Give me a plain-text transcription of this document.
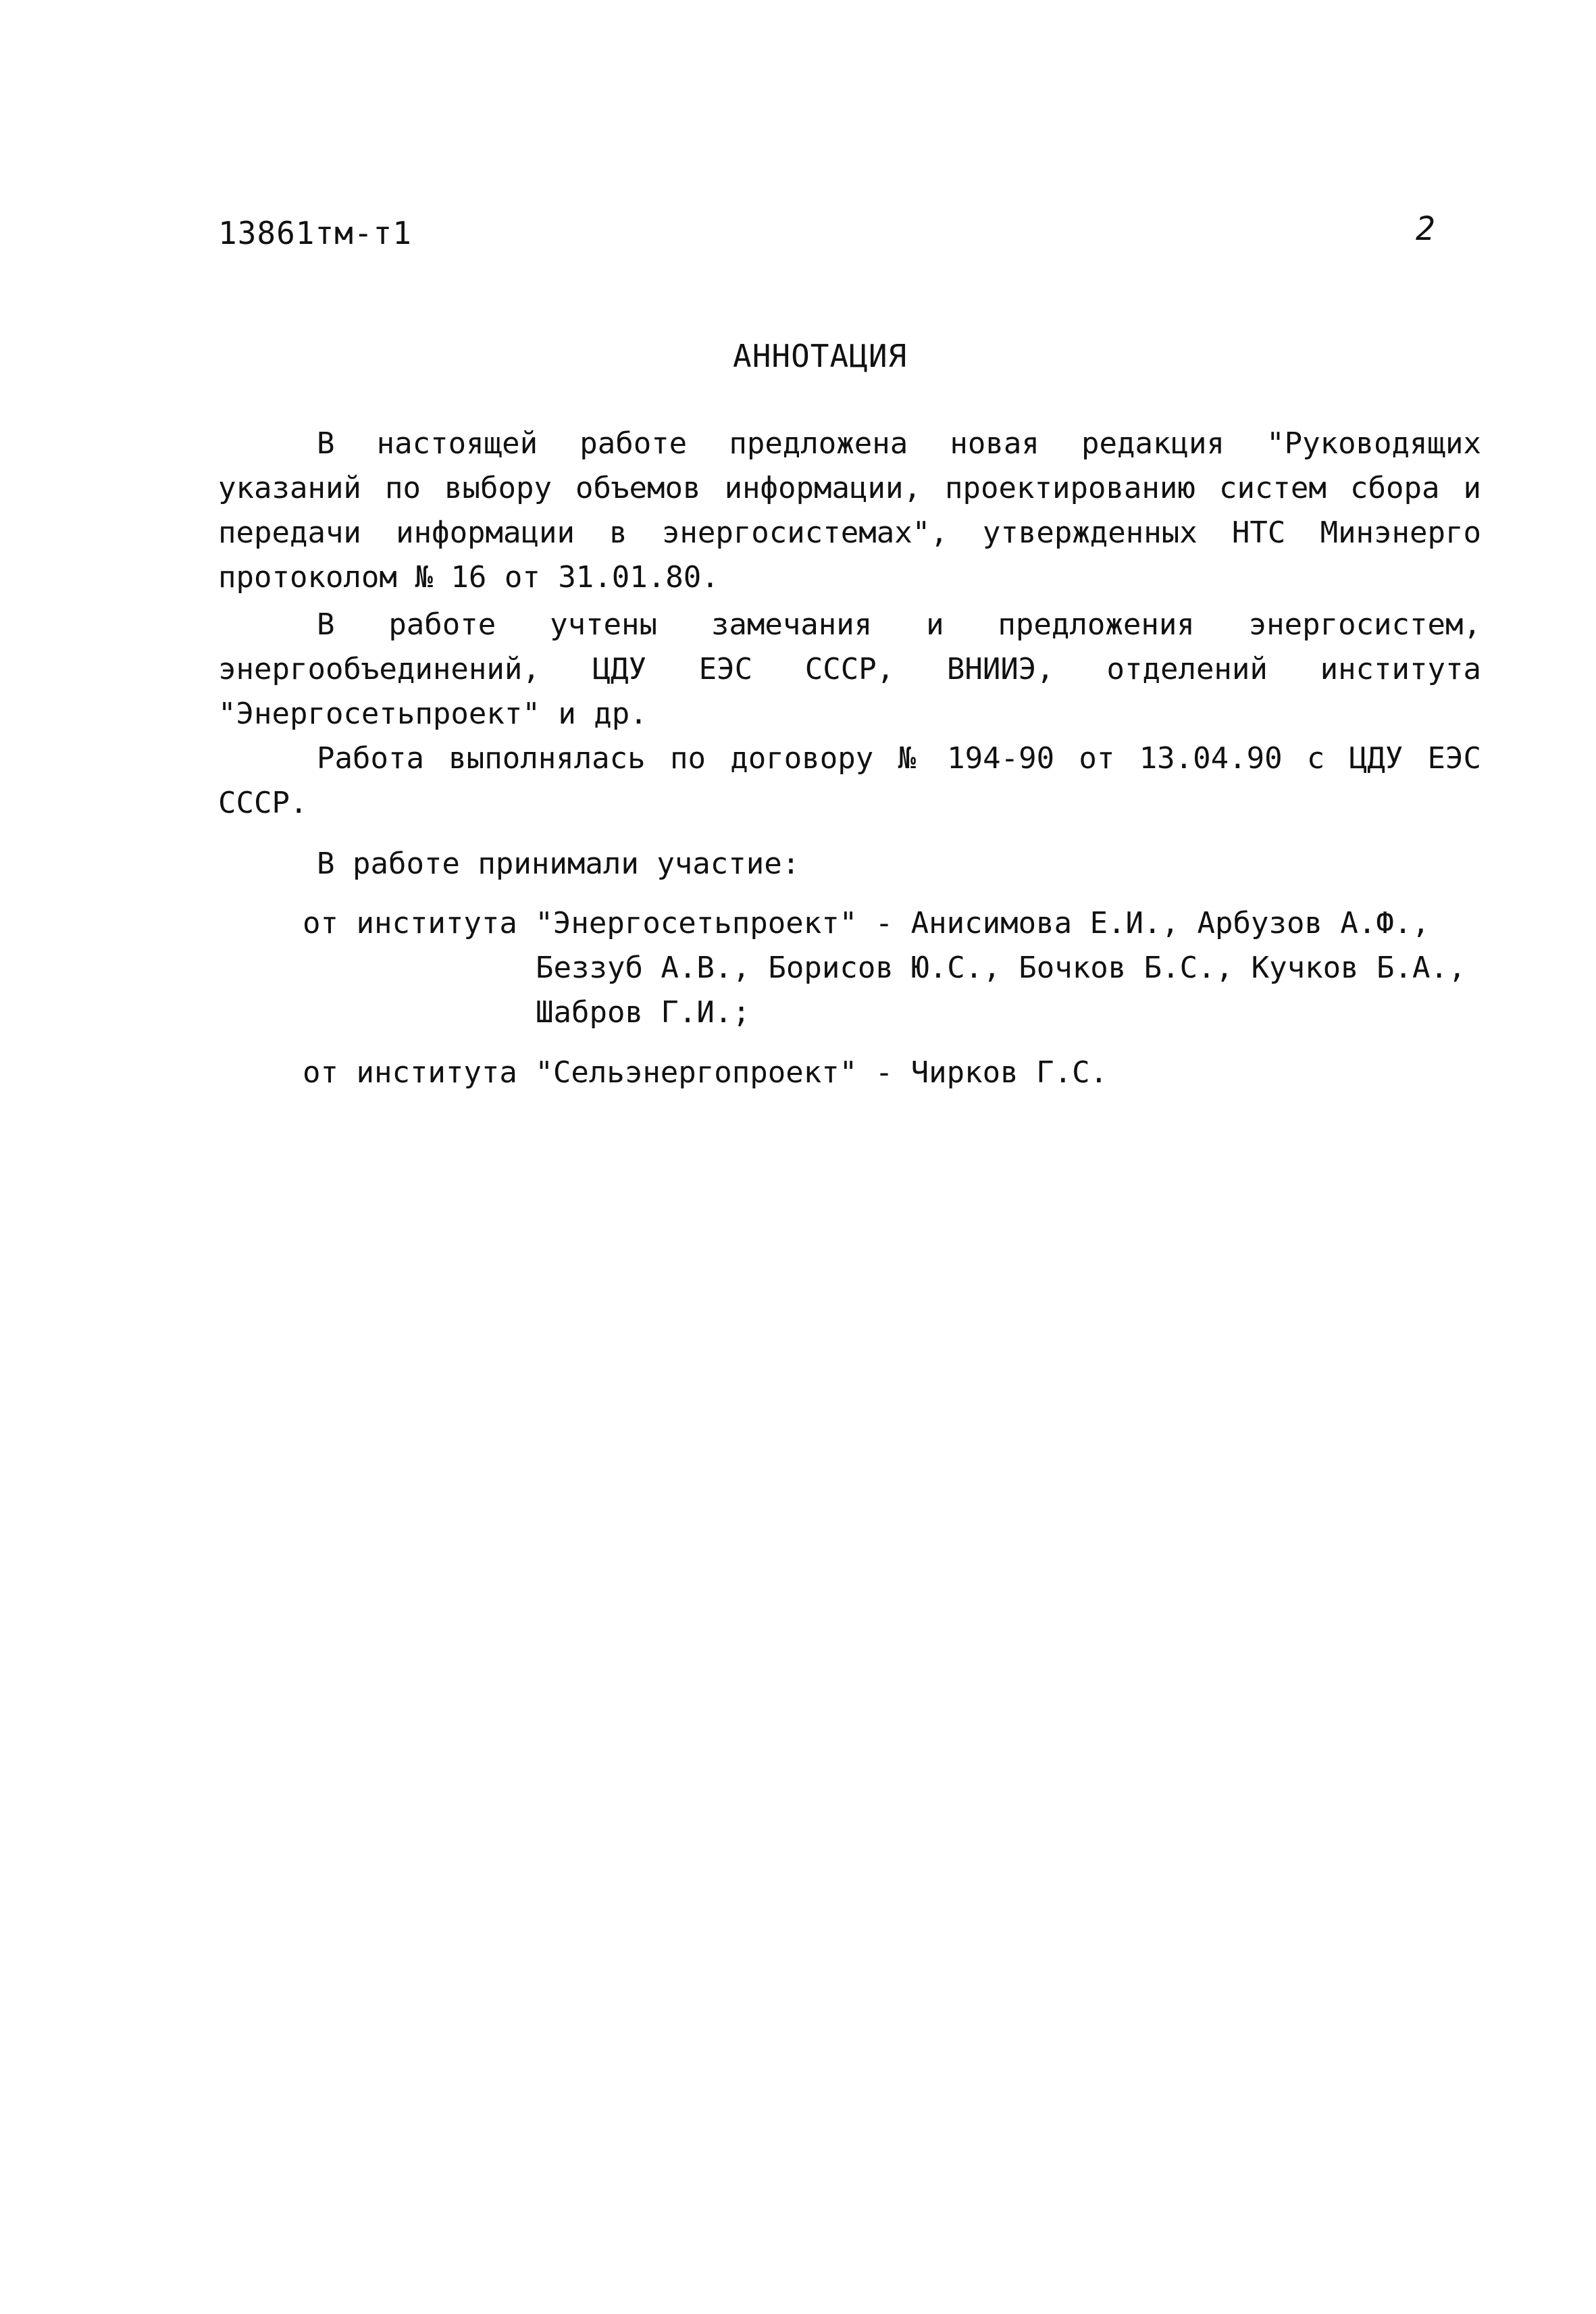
13861тм-т1	2
АННОТАЦИЯ
В настоящей работе предложена новая редакция "Руководящих указаний по выбору объемов информации, проектированию систем сбора и передачи информации в энергосистемах", утвержденных НТС Минэнерго протоколом № 16 от 31.01.80.
В работе учтены замечания и предложения энергосистем, энергообъединений, ЦДУ ЕЭС СССР, ВНИИЭ, отделений института "Энергосетьпроект" и др.
Работа выполнялась по договору № 194-90 от 13.04.90 с ЦДУ ЕЭС СССР.
В работе принимали участие:
от института "Энергосетьпроект" - Анисимова Е.И., Арбузов А.Ф.,
Беззуб А.В., Борисов Ю.С., Бочков Б.С., Кучков Б.А.,
Шабров Г.И.;
от института "Сельэнергопроект" - Чирков Г.С.
